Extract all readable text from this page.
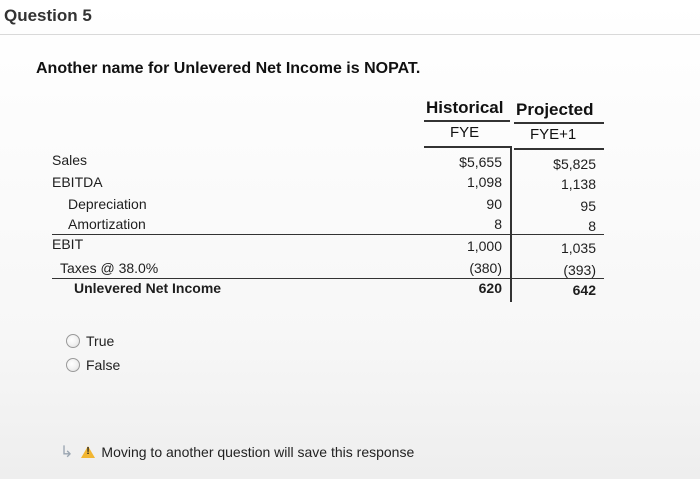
Question 5
Another name for Unlevered Net Income is NOPAT.
Historical Projected
FYE	FYE+1
Sales
EBITDA
Depreciation
Amortization
EBIT
Taxes @ 38.0%
Unlevered Net Income
$5,655
1,098
90
8
1,000
(380)
620
$5,825
1,138
95
8
1,035
(393)
642
True
False
↳
! Moving to another question will save this response
